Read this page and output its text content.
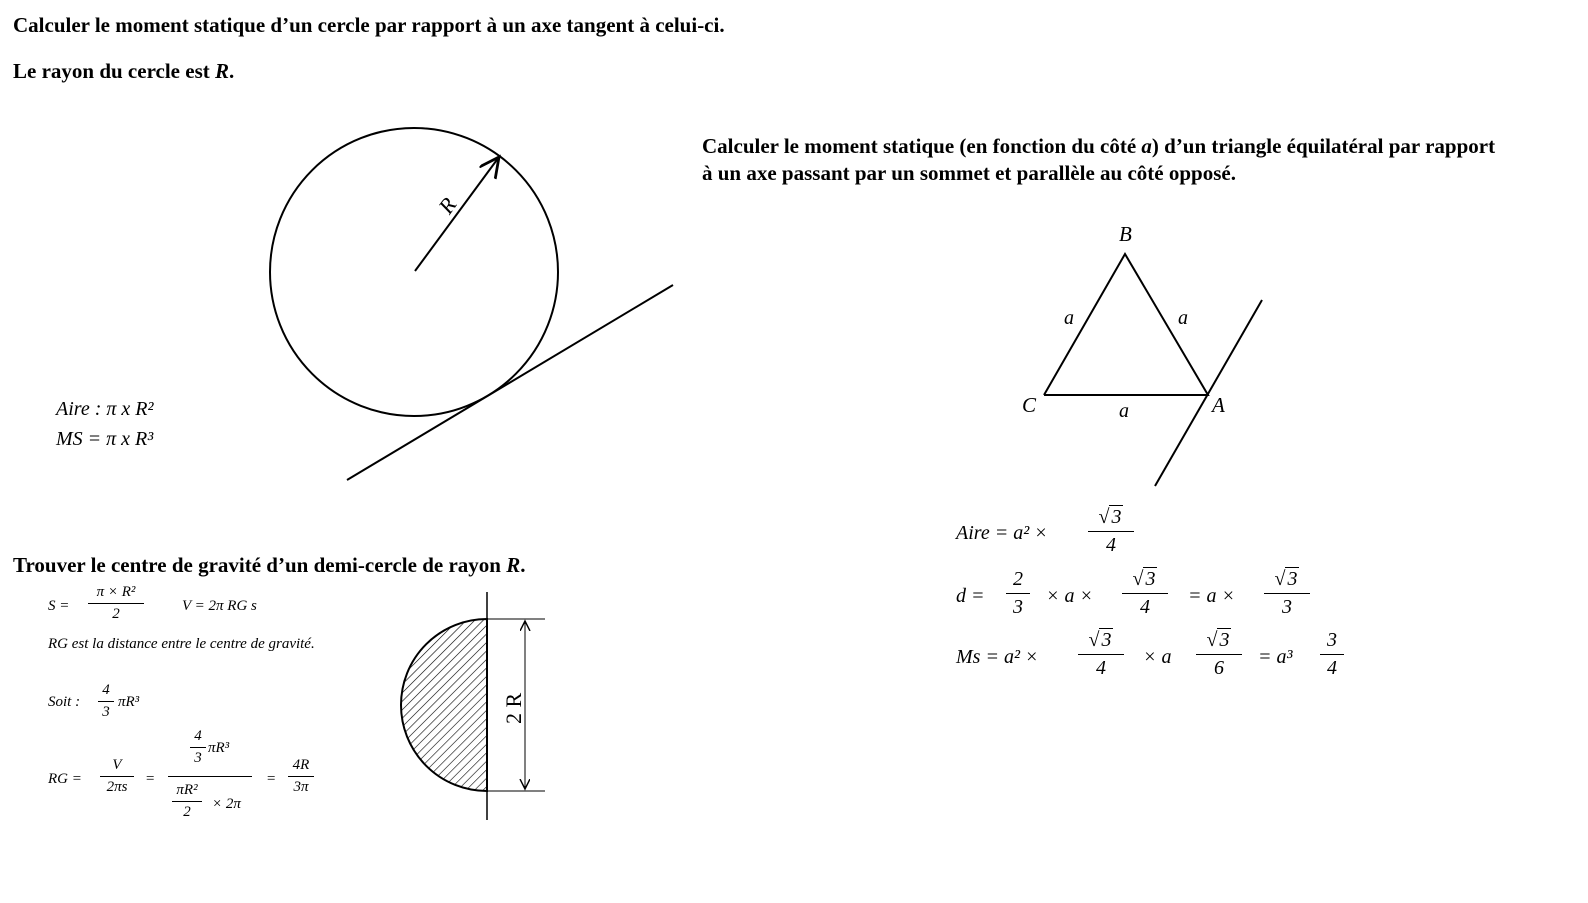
Calculer le moment statique d’un cercle par rapport à un axe tangent à celui-ci.
Le rayon du cercle est R.
R
B
C	A
a	a
a
2 R
Aire : π x R²
MS = π x R³
Calculer le moment statique (en fonction du côté a) d’un triangle équilatéral par rapport
à un axe passant par un sommet et parallèle au côté opposé.
Aire = a² ×
√ 3
4
d =
2
3	× a ×
√ 3
4	= a ×
√ 3
3
Ms = a² ×
√ 3
4	× a
√ 3
6	= a³
3
4
Trouver le centre de gravité d’un demi-cercle de rayon R.
S =
π × R²
2	V = 2π RG s
RG est la distance entre le centre de gravité.
Soit :
4
3
πR³
RG =
V
2πs	=
4
3
πR³
πR²
2	× 2π
=
4R
3π
